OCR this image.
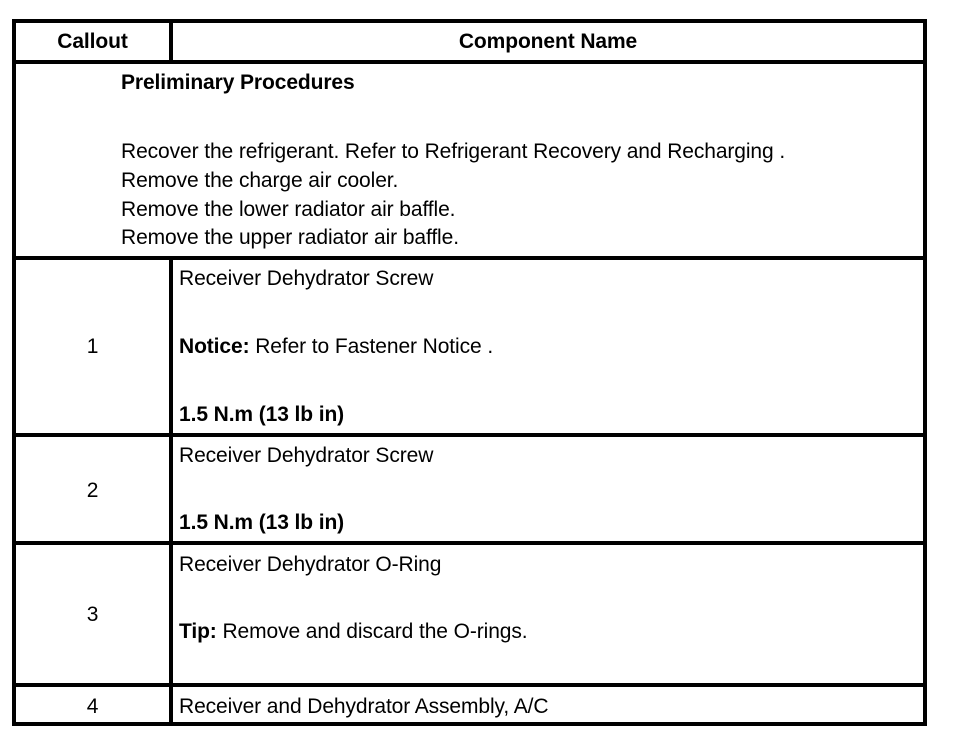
Callout	Component Name
Preliminary Procedures
Recover the refrigerant. Refer to Refrigerant Recovery and Recharging .
Remove the charge air cooler.
Remove the lower radiator air baffle.
Remove the upper radiator air baffle.
1
Receiver Dehydrator Screw
Notice: Refer to Fastener Notice .
1.5 N.m (13 lb in)
2
Receiver Dehydrator Screw
1.5 N.m (13 lb in)
3
Receiver Dehydrator O-Ring
Tip: Remove and discard the O-rings.
4	Receiver and Dehydrator Assembly, A/C
